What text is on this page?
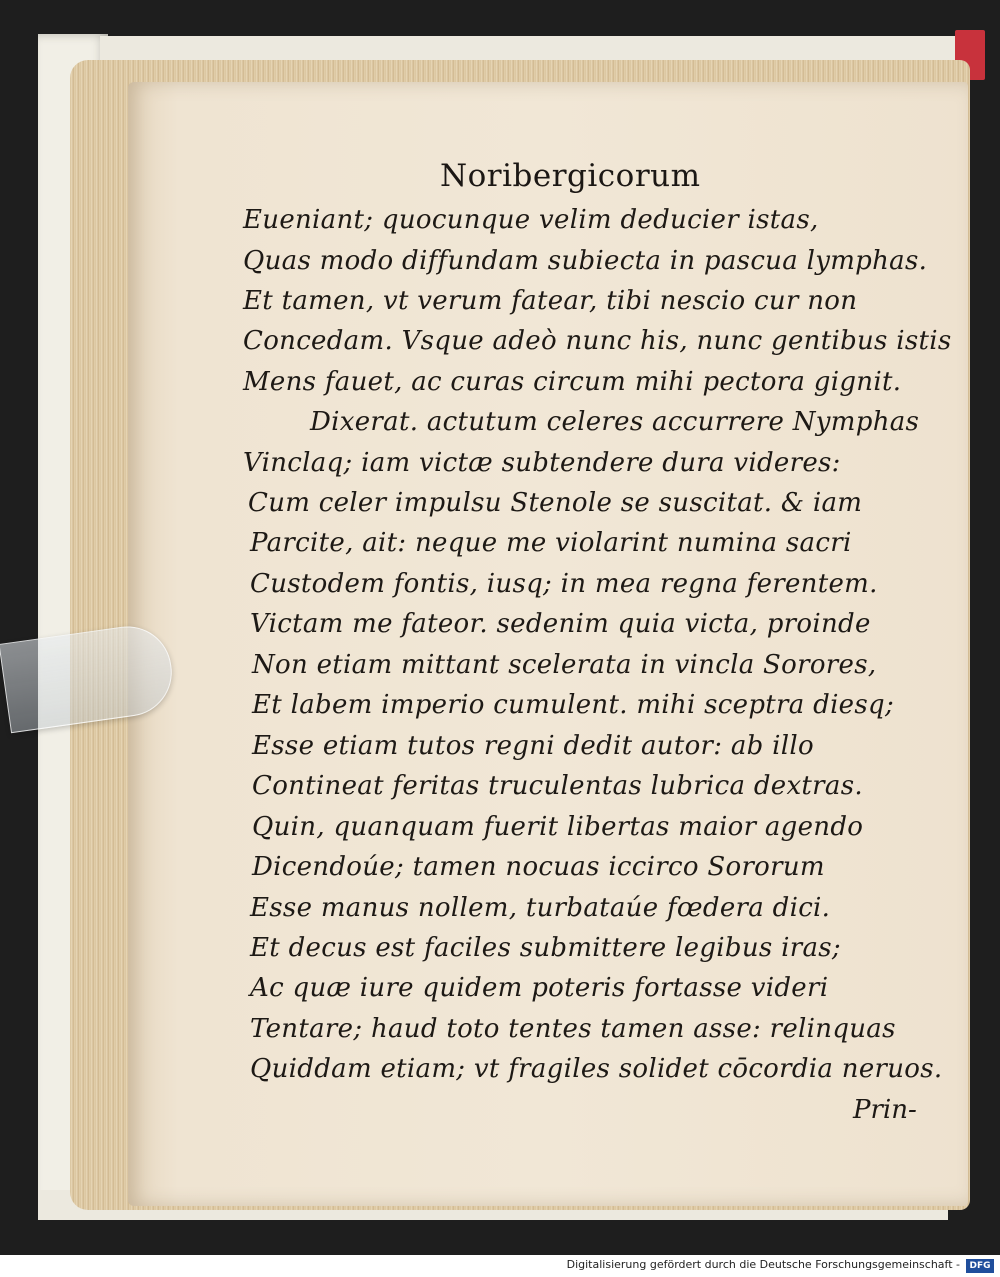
Noribergicorum
Eueniant; quocunque velim deducier istas,
Quas modo diffundam subiecta in pascua lymphas.
Et tamen, vt verum fatear, tibi nescio cur non
Concedam. Vsque adeò nunc his, nunc gentibus istis
Mens fauet, ac curas circum mihi pectora gignit.
Dixerat. actutum celeres accurrere Nymphas
Vinclaq; iam victæ subtendere dura videres:
Cum celer impulsu Stenole se suscitat. & iam
Parcite, ait: neque me violarint numina sacri
Custodem fontis, iusq; in mea regna ferentem.
Victam me fateor. sedenim quia victa, proinde
Non etiam mittant scelerata in vincla Sorores,
Et labem imperio cumulent. mihi sceptra diesq;
Esse etiam tutos regni dedit autor: ab illo
Contineat feritas truculentas lubrica dextras.
Quin, quanquam fuerit libertas maior agendo
Dicendoúe; tamen nocuas iccirco Sororum
Esse manus nollem, turbataúe fœdera dici.
Et decus est faciles submittere legibus iras;
Ac quæ iure quidem poteris fortasse videri
Tentare; haud toto tentes tamen asse: relinquas
Quiddam etiam; vt fragiles solidet cōcordia neruos.
Prin-
Digitalisierung gefördert durch die Deutsche Forschungsgemeinschaft -	DFG
